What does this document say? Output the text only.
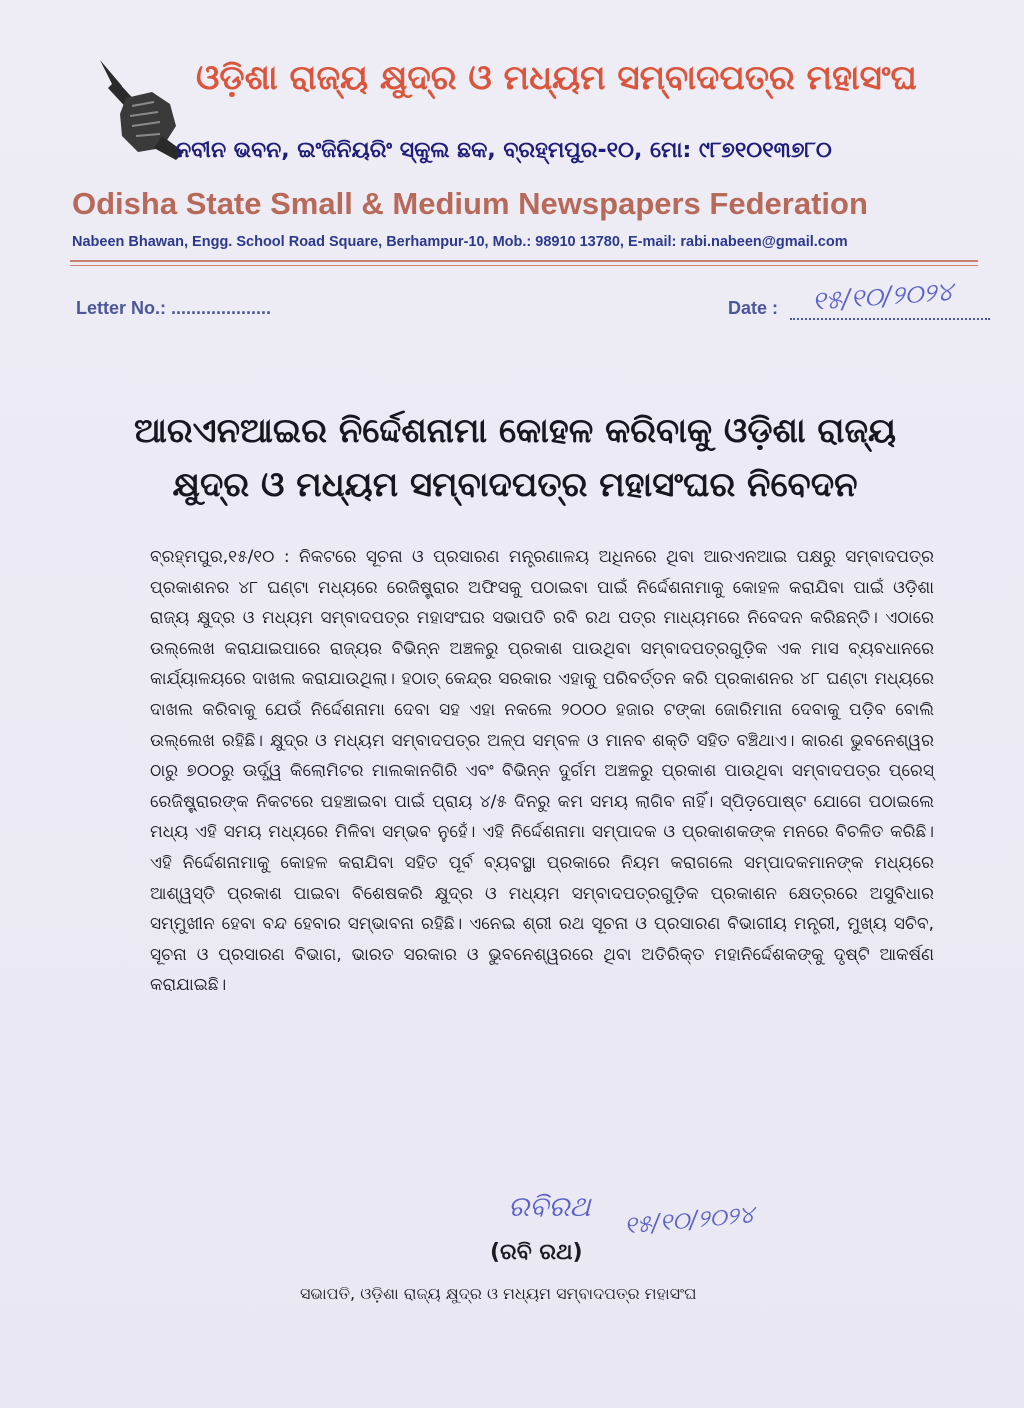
ଓଡ଼ିଶା ରାଜ୍ୟ କ୍ଷୁଦ୍ର ଓ ମଧ୍ୟମ ସମ୍ବାଦପତ୍ର ମହାସଂଘ
ନବୀନ ଭବନ, ଇଂଜିନିୟରିଂ ସ୍କୁଲ ଛକ, ବ୍ରହ୍ମପୁର-୧୦, ମୋ: ୯୮୭୧୦୧୩୭୮୦
Odisha State Small & Medium Newspapers Federation
Nabeen Bhawan, Engg. School Road Square, Berhampur-10, Mob.: 98910 13780, E-mail: rabi.nabeen@gmail.com
Letter No.: ....................	Date : ୧୫/୧୦/୨୦୨୪
ଆରଏନଆଇର ନିର୍ଦ୍ଦେଶନାମା କୋହଳ କରିବାକୁ ଓଡ଼ିଶା ରାଜ୍ୟ କ୍ଷୁଦ୍ର ଓ ମଧ୍ୟମ ସମ୍ବାଦପତ୍ର ମହାସଂଘର ନିବେଦନ
ବ୍ରହ୍ମପୁର,୧୫/୧୦ : ନିକଟରେ ସୂଚନା ଓ ପ୍ରସାରଣ ମନ୍ତ୍ରଣାଳୟ ଅଧିନରେ ଥିବା ଆରଏନଆଇ ପକ୍ଷରୁ ସମ୍ବାଦପତ୍ର ପ୍ରକାଶନର ୪୮ ଘଣ୍ଟା ମଧ୍ୟରେ ରେଜିଷ୍ଟ୍ରାର ଅଫିସକୁ ପଠାଇବା ପାଇଁ ନିର୍ଦ୍ଦେଶନାମାକୁ କୋହଳ କରାଯିବା ପାଇଁ ଓଡ଼ିଶା ରାଜ୍ୟ କ୍ଷୁଦ୍ର ଓ ମଧ୍ୟମ ସମ୍ବାଦପତ୍ର ମହାସଂଘର ସଭାପତି ରବି ରଥ ପତ୍ର ମାଧ୍ୟମରେ ନିବେଦନ କରିଛନ୍ତି। ଏଠାରେ ଉଲ୍ଲେଖ କରାଯାଇପାରେ ରାଜ୍ୟର ବିଭିନ୍ନ ଅଞ୍ଚଳରୁ ପ୍ରକାଶ ପାଉଥିବା ସମ୍ବାଦପତ୍ରଗୁଡ଼ିକ ଏକ ମାସ ବ୍ୟବଧାନରେ କାର୍ଯ୍ୟାଳୟରେ ଦାଖଲ କରାଯାଉଥିଲା। ହଠାତ୍ କେନ୍ଦ୍ର ସରକାର ଏହାକୁ ପରିବର୍ତ୍ତନ କରି ପ୍ରକାଶନର ୪୮ ଘଣ୍ଟା ମଧ୍ୟରେ ଦାଖଲ କରିବାକୁ ଯେଉଁ ନିର୍ଦ୍ଦେଶନାମା ଦେବା ସହ ଏହା ନକଲେ ୨୦୦୦ ହଜାର ଟଙ୍କା ଜୋରିମାନା ଦେବାକୁ ପଡ଼ିବ ବୋଲି ଉଲ୍ଲେଖ ରହିଛି। କ୍ଷୁଦ୍ର ଓ ମଧ୍ୟମ ସମ୍ବାଦପତ୍ର ଅଳ୍ପ ସମ୍ବଳ ଓ ମାନବ ଶକ୍ତି ସହିତ ବଞ୍ଚିଥାଏ। କାରଣ ଭୁବନେଶ୍ୱର ଠାରୁ ୭୦୦ରୁ ଊର୍ଦ୍ଧ୍ୱ କିଲୋମିଟର ମାଲକାନଗିରି ଏବଂ ବିଭିନ୍ନ ଦୁର୍ଗମ ଅଞ୍ଚଳରୁ ପ୍ରକାଶ ପାଉଥିବା ସମ୍ବାଦପତ୍ର ପ୍ରେସ୍ ରେଜିଷ୍ଟ୍ରାରଙ୍କ ନିକଟରେ ପହଞ୍ଚାଇବା ପାଇଁ ପ୍ରାୟ ୪/୫ ଦିନରୁ କମ ସମୟ ଲାଗିବ ନାହିଁ। ସ୍ପିଡ଼ପୋଷ୍ଟ ଯୋଗେ ପଠାଇଲେ ମଧ୍ୟ ଏହି ସମୟ ମଧ୍ୟରେ ମିଳିବା ସମ୍ଭବ ନୁହେଁ। ଏହି ନିର୍ଦ୍ଦେଶନାମା ସମ୍ପାଦକ ଓ ପ୍ରକାଶକଙ୍କ ମନରେ ବିଚଳିତ କରିଛି। ଏହି ନିର୍ଦ୍ଦେଶନାମାକୁ କୋହଳ କରାଯିବା ସହିତ ପୂର୍ବ ବ୍ୟବସ୍ଥା ପ୍ରକାରେ ନିୟମ କରାଗଲେ ସମ୍ପାଦକମାନଙ୍କ ମଧ୍ୟରେ ଆଶ୍ୱସ୍ତି ପ୍ରକାଶ ପାଇବା ବିଶେଷକରି କ୍ଷୁଦ୍ର ଓ ମଧ୍ୟମ ସମ୍ବାଦପତ୍ରଗୁଡ଼ିକ ପ୍ରକାଶନ କ୍ଷେତ୍ରରେ ଅସୁବିଧାର ସମ୍ମୁଖୀନ ହେବା ବନ୍ଦ ହେବାର ସମ୍ଭାବନା ରହିଛି। ଏନେଇ ଶ୍ରୀ ରଥ ସୂଚନା ଓ ପ୍ରସାରଣ ବିଭାଗୀୟ ମନ୍ତ୍ରୀ, ମୁଖ୍ୟ ସଚିବ, ସୂଚନା ଓ ପ୍ରସାରଣ ବିଭାଗ, ଭାରତ ସରକାର ଓ ଭୁବନେଶ୍ୱରରେ ଥିବା ଅତିରିକ୍ତ ମହାନିର୍ଦ୍ଦେଶକଙ୍କୁ ଦୃଷ୍ଟି ଆକର୍ଷଣ କରାଯାଇଛି।
ରବିରଥ ୧୫/୧୦/୨୦୨୪
(ରବି ରଥ)
ସଭାପତି, ଓଡ଼ିଶା ରାଜ୍ୟ କ୍ଷୁଦ୍ର ଓ ମଧ୍ୟମ ସମ୍ବାଦପତ୍ର ମହାସଂଘ
